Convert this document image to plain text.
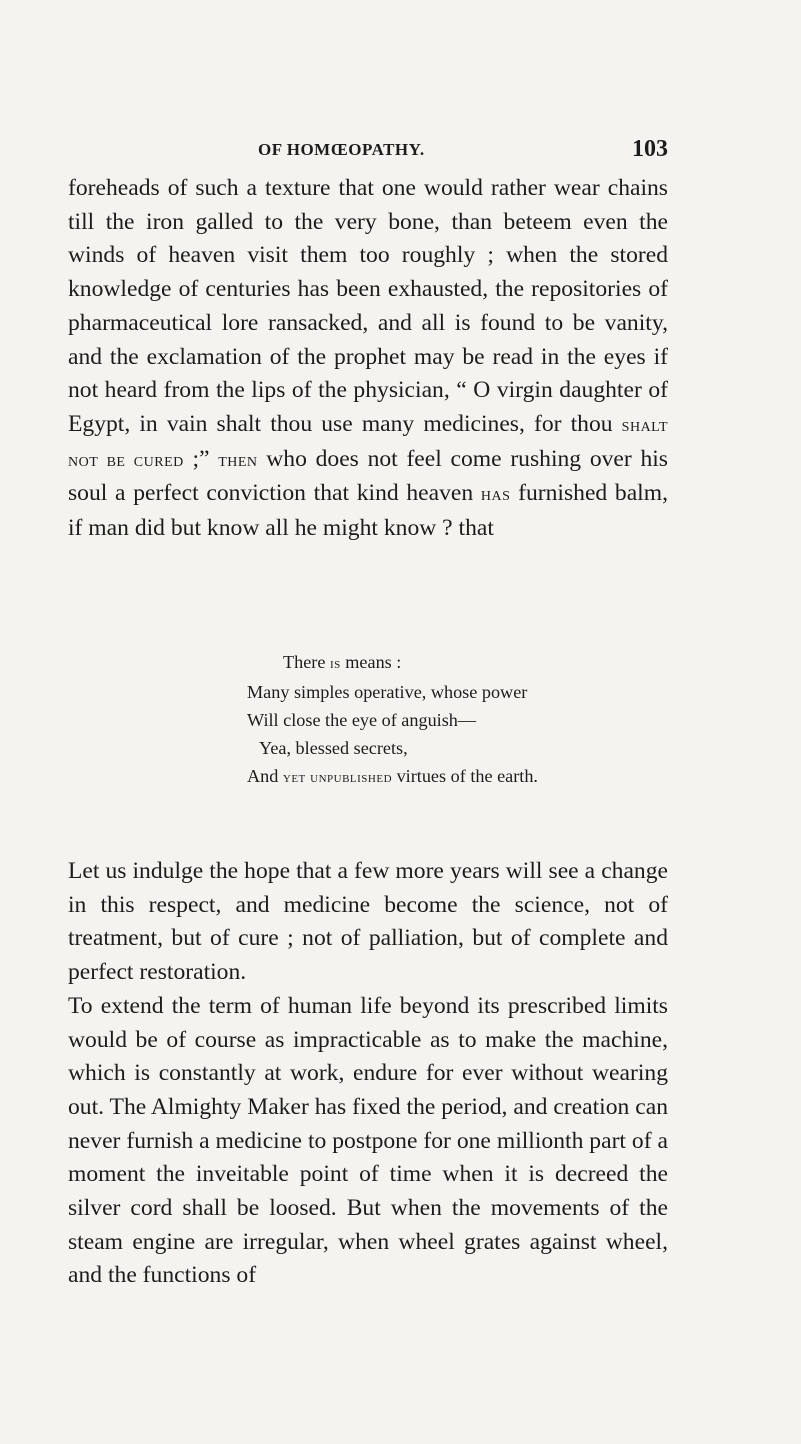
OF HOMŒOPATHY.	103

foreheads of such a texture that one would rather wear chains till the iron galled to the very bone, than beteem even the winds of heaven visit them too roughly ; when the stored knowledge of centuries has been exhausted, the repositories of pharmaceutical lore ransacked, and all is found to be vanity, and the exclamation of the prophet may be read in the eyes if not heard from the lips of the physician, “ O virgin daughter of Egypt, in vain shalt thou use many medicines, for thou shalt not be cured ;” then who does not feel come rushing over his soul a perfect conviction that kind heaven has furnished balm, if man did but know all he might know ? that

There is means :
Many simples operative, whose power
Will close the eye of anguish—
Yea, blessed secrets,
And yet unpublished virtues of the earth.

Let us indulge the hope that a few more years will see a change in this respect, and medicine become the science, not of treatment, but of cure ; not of palliation, but of complete and perfect restoration.

To extend the term of human life beyond its prescribed limits would be of course as impracticable as to make the machine, which is constantly at work, endure for ever without wearing out. The Almighty Maker has fixed the period, and creation can never furnish a medicine to postpone for one millionth part of a moment the inveitable point of time when it is decreed the silver cord shall be loosed. But when the movements of the steam engine are irregular, when wheel grates against wheel, and the functions of
